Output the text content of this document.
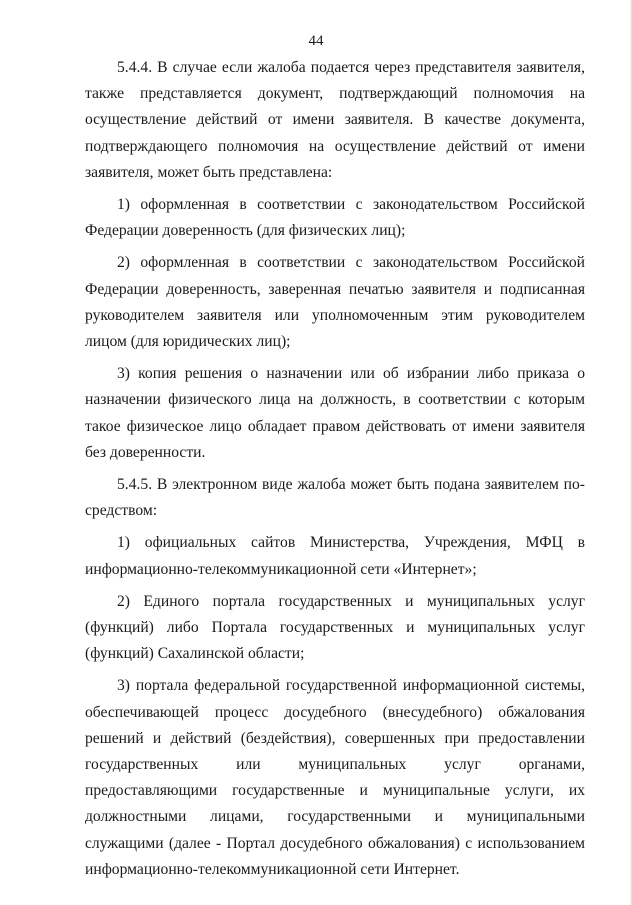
44

5.4.4. В случае если жалоба подается через представителя заявителя, также представляется документ, подтверждающий полномочия на осуществление действий от имени заявителя. В качестве документа, подтверждающего полномочия на осуществление действий от имени заявителя, может быть представлена:

1) оформленная в соответствии с законодательством Российской Федерации доверенность (для физических лиц);

2) оформленная в соответствии с законодательством Российской Федерации доверенность, заверенная печатью заявителя и подписанная руководителем заявителя или уполномоченным этим руководителем лицом (для юридических лиц);

3) копия решения о назначении или об избрании либо приказа о назначении физического лица на должность, в соответствии с которым такое физическое лицо обладает правом действовать от имени заявителя без доверенности.

5.4.5. В электронном виде жалоба может быть подана заявителем посредством:

1) официальных сайтов Министерства, Учреждения, МФЦ в информационно-телекоммуникационной сети «Интернет»;

2) Единого портала государственных и муниципальных услуг (функций) либо Портала государственных и муниципальных услуг (функций) Сахалинской области;

3) портала федеральной государственной информационной системы, обеспечивающей процесс досудебного (внесудебного) обжалования решений и действий (бездействия), совершенных при предоставлении государственных или муниципальных услуг органами, предоставляющими государственные и муниципальные услуги, их должностными лицами, государственными и муниципальными служащими (далее - Портал досудебного обжалования) с использованием информационно-телекоммуникационной сети Интернет.
